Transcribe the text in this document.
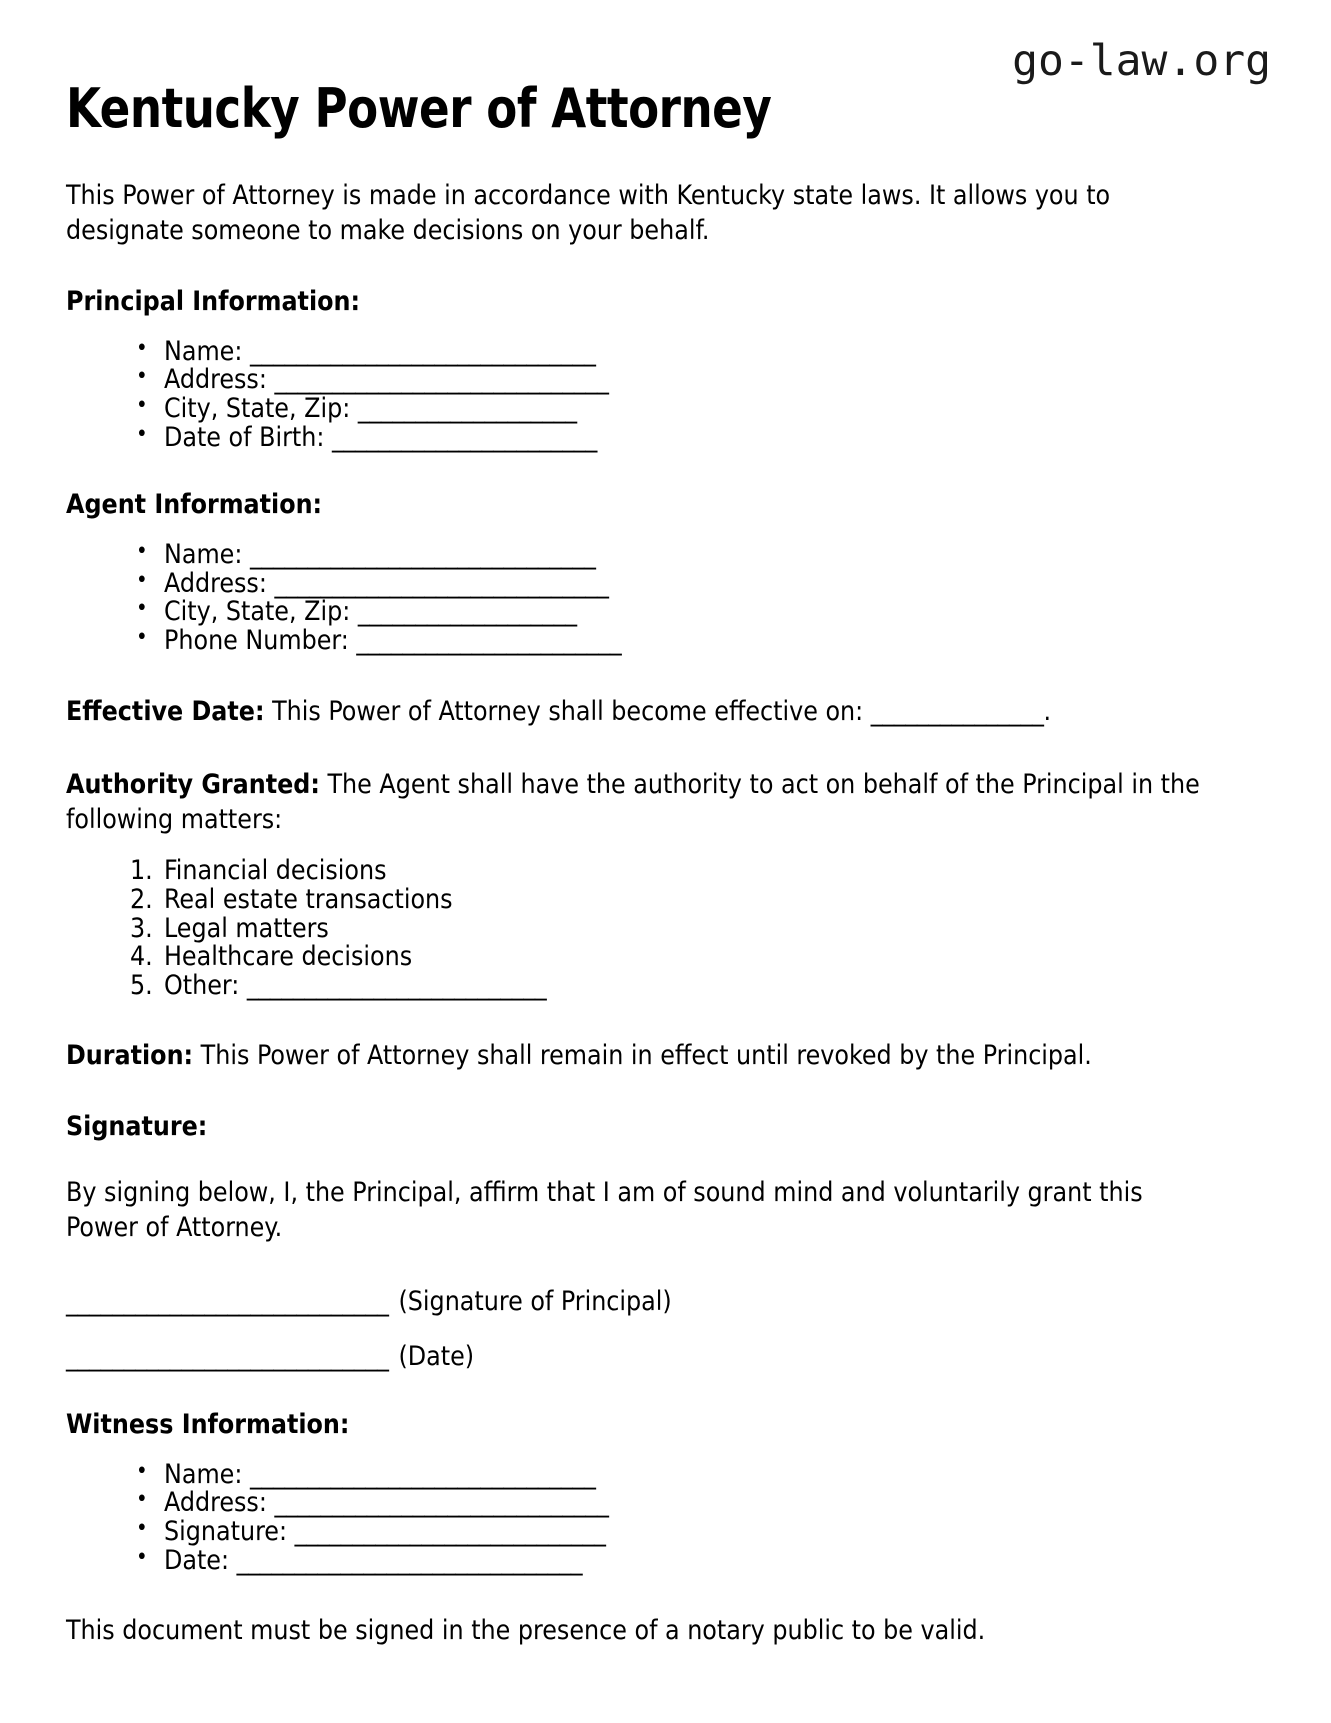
go-law.org
Kentucky Power of Attorney

This Power of Attorney is made in accordance with Kentucky state laws. It allows you to designate someone to make decisions on your behalf.

Principal Information:
• Name: ______________________________
• Address: _____________________________
• City, State, Zip: ___________________
• Date of Birth: _______________________
Agent Information:
• Name: ______________________________
• Address: _____________________________
• City, State, Zip: ___________________
• Phone Number: _______________________

Effective Date: This Power of Attorney shall become effective on: _______________.

Authority Granted: The Agent shall have the authority to act on behalf of the Principal in the following matters:

Financial decisions
Real estate transactions
Legal matters
Healthcare decisions
Other: __________________________

Duration: This Power of Attorney shall remain in effect until revoked by the Principal.

Signature:

By signing below, I, the Principal, affirm that I am of sound mind and voluntarily grant this Power of Attorney.

____________________________ (Signature of Principal)
____________________________ (Date)
Witness Information:
• Name: ______________________________
• Address: _____________________________
• Signature: ___________________________
• Date: ______________________________

This document must be signed in the presence of a notary public to be valid.
